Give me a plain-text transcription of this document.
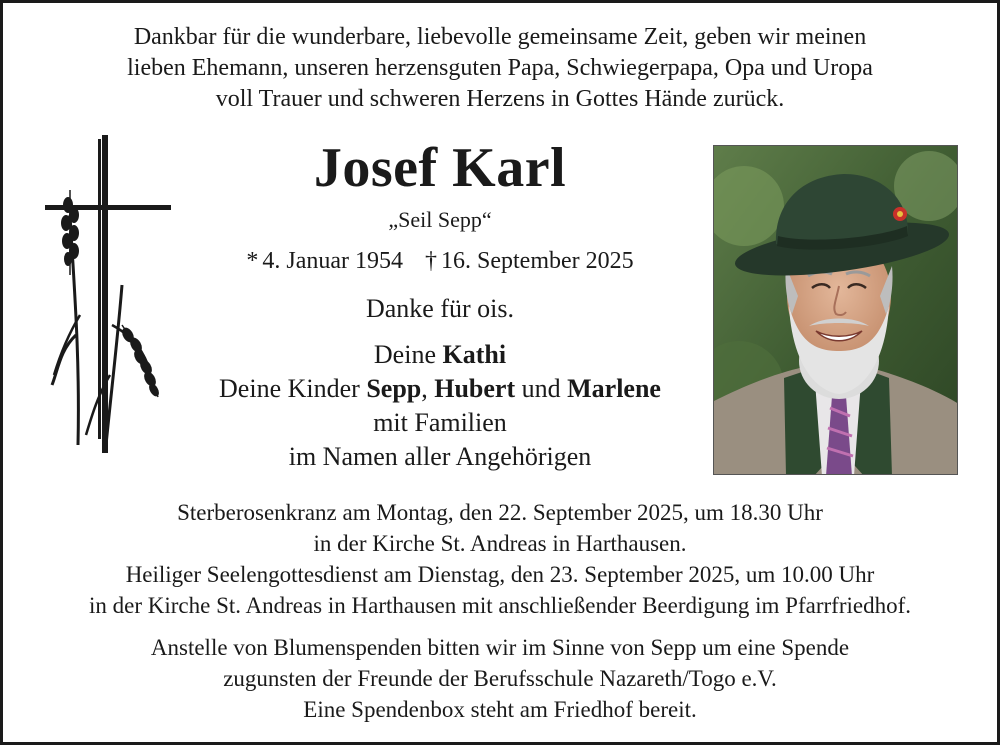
Dankbar für die wunderbare, liebevolle gemeinsame Zeit, geben wir meinen
lieben Ehemann, unseren herzensguten Papa, Schwiegerpapa, Opa und Uropa
voll Trauer und schweren Herzens in Gottes Hände zurück.
Josef Karl
„Seil Sepp“
* 4. Januar 1954 † 16. September 2025
Danke für ois.
Deine Kathi
Deine Kinder Sepp, Hubert und Marlene
mit Familien
im Namen aller Angehörigen
Sterberosenkranz am Montag, den 22. September 2025, um 18.30 Uhr
in der Kirche St. Andreas in Harthausen.
Heiliger Seelengottesdienst am Dienstag, den 23. September 2025, um 10.00 Uhr
in der Kirche St. Andreas in Harthausen mit anschließender Beerdigung im Pfarrfriedhof.
Anstelle von Blumenspenden bitten wir im Sinne von Sepp um eine Spende
zugunsten der Freunde der Berufsschule Nazareth/Togo e.V.
Eine Spendenbox steht am Friedhof bereit.
